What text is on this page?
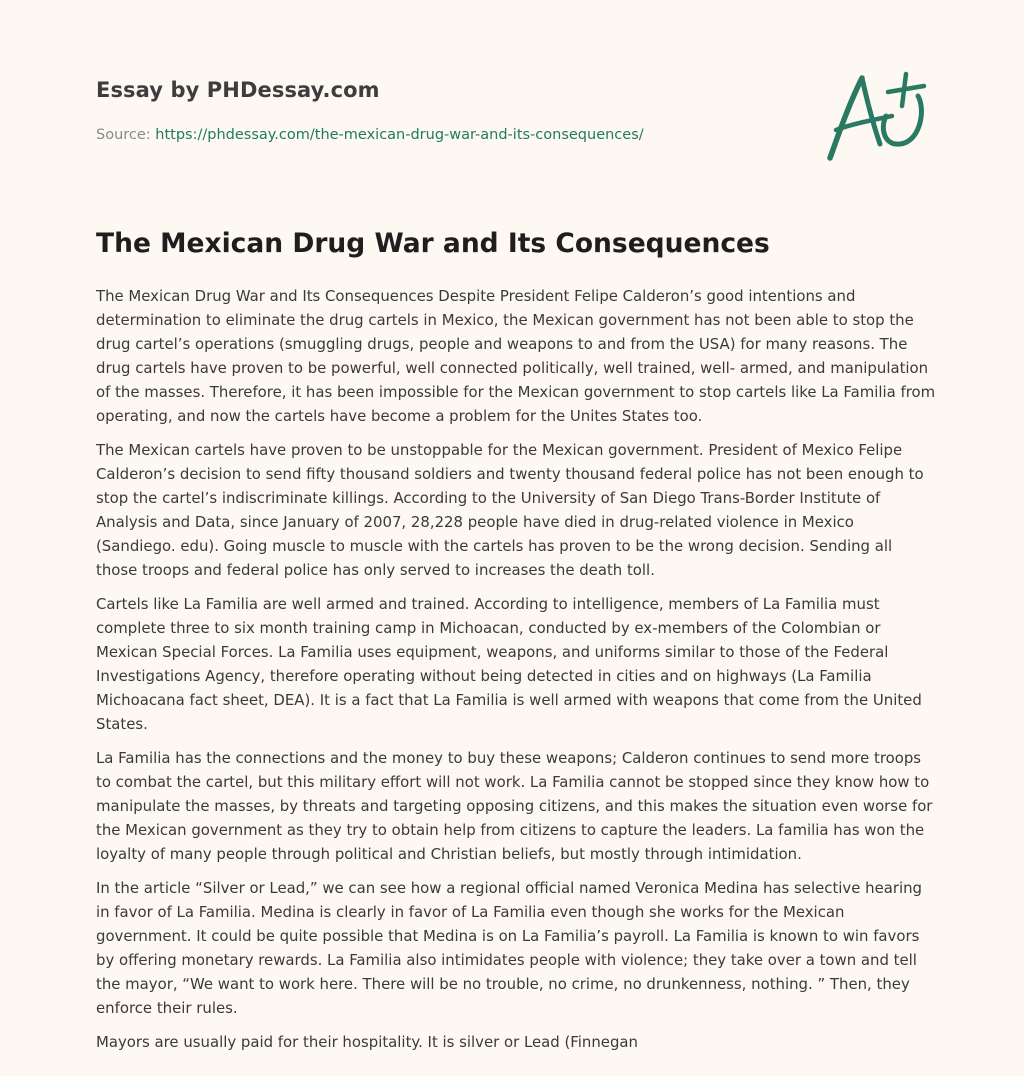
Essay by PHDessay.com
Source: https://phdessay.com/the-mexican-drug-war-and-its-consequences/
The Mexican Drug War and Its Consequences

The Mexican Drug War and Its Consequences Despite President Felipe Calderon’s good intentions and determination to eliminate the drug cartels in Mexico, the Mexican government has not been able to stop the drug cartel’s operations (smuggling drugs, people and weapons to and from the USA) for many reasons. The drug cartels have proven to be powerful, well connected politically, well trained, well- armed, and manipulation of the masses. Therefore, it has been impossible for the Mexican government to stop cartels like La Familia from operating, and now the cartels have become a problem for the Unites States too.

The Mexican cartels have proven to be unstoppable for the Mexican government. President of Mexico Felipe Calderon’s decision to send fifty thousand soldiers and twenty thousand federal police has not been enough to stop the cartel’s indiscriminate killings. According to the University of San Diego Trans-Border Institute of Analysis and Data, since January of 2007, 28,228 people have died in drug-related violence in Mexico (Sandiego. edu). Going muscle to muscle with the cartels has proven to be the wrong decision. Sending all those troops and federal police has only served to increases the death toll.

Cartels like La Familia are well armed and trained. According to intelligence, members of La Familia must complete three to six month training camp in Michoacan, conducted by ex-members of the Colombian or Mexican Special Forces. La Familia uses equipment, weapons, and uniforms similar to those of the Federal Investigations Agency, therefore operating without being detected in cities and on highways (La Familia Michoacana fact sheet, DEA). It is a fact that La Familia is well armed with weapons that come from the United States.

La Familia has the connections and the money to buy these weapons; Calderon continues to send more troops to combat the cartel, but this military effort will not work. La Familia cannot be stopped since they know how to manipulate the masses, by threats and targeting opposing citizens, and this makes the situation even worse for the Mexican government as they try to obtain help from citizens to capture the leaders. La familia has won the loyalty of many people through political and Christian beliefs, but mostly through intimidation.

In the article “Silver or Lead,” we can see how a regional official named Veronica Medina has selective hearing in favor of La Familia. Medina is clearly in favor of La Familia even though she works for the Mexican government. It could be quite possible that Medina is on La Familia’s payroll. La Familia is known to win favors by offering monetary rewards. La Familia also intimidates people with violence; they take over a town and tell the mayor, “We want to work here. There will be no trouble, no crime, no drunkenness, nothing. ” Then, they enforce their rules.

Mayors are usually paid for their hospitality. It is silver or Lead (Finnegan
